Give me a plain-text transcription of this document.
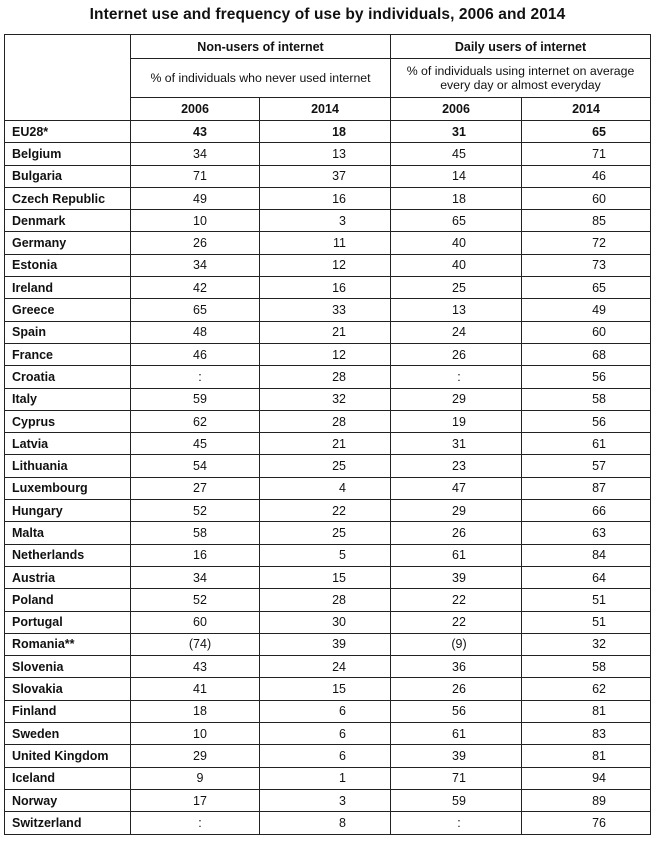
Internet use and frequency of use by individuals, 2006 and 2014
	Non-users of internet		Daily users of internet	
	% of individuals who never used internet		% of individuals using internet on average every day or almost everyday	
	2006	2014	2006	2014
EU28*	43	18	31	65
Belgium	34	13	45	71
Bulgaria	71	37	14	46
Czech Republic	49	16	18	60
Denmark	10	3	65	85
Germany	26	11	40	72
Estonia	34	12	40	73
Ireland	42	16	25	65
Greece	65	33	13	49
Spain	48	21	24	60
France	46	12	26	68
Croatia	:	28	:	56
Italy	59	32	29	58
Cyprus	62	28	19	56
Latvia	45	21	31	61
Lithuania	54	25	23	57
Luxembourg	27	4	47	87
Hungary	52	22	29	66
Malta	58	25	26	63
Netherlands	16	5	61	84
Austria	34	15	39	64
Poland	52	28	22	51
Portugal	60	30	22	51
Romania**	(74)	39	(9)	32
Slovenia	43	24	36	58
Slovakia	41	15	26	62
Finland	18	6	56	81
Sweden	10	6	61	83
United Kingdom	29	6	39	81
Iceland	9	1	71	94
Norway	17	3	59	89
Switzerland	:	8	:	76
